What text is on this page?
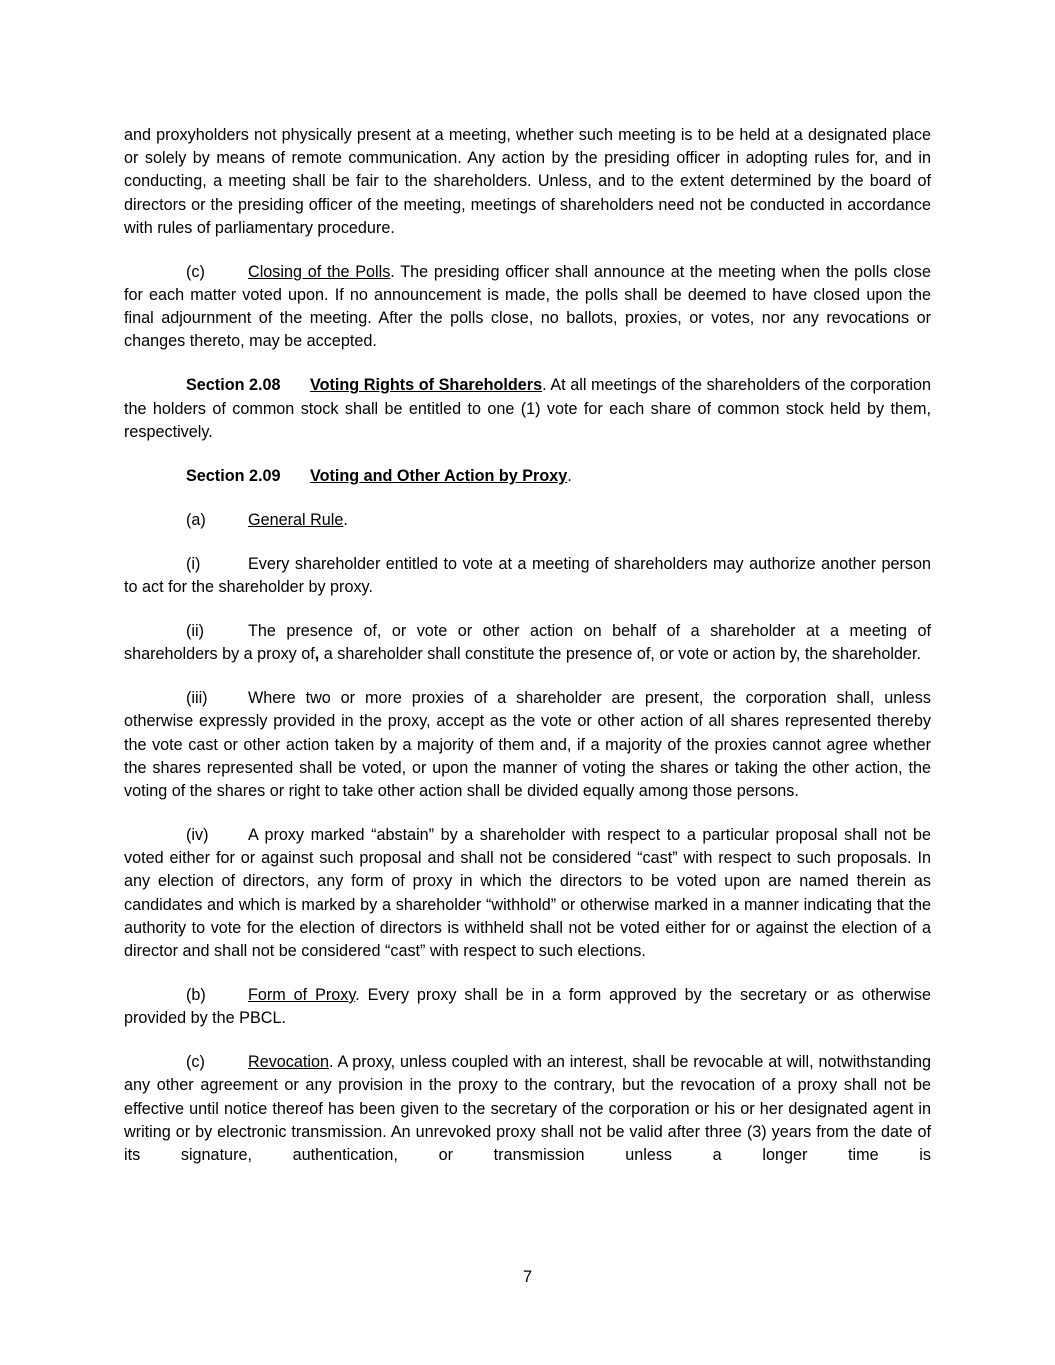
and proxyholders not physically present at a meeting, whether such meeting is to be held at a designated place or solely by means of remote communication. Any action by the presiding officer in adopting rules for, and in conducting, a meeting shall be fair to the shareholders. Unless, and to the extent determined by the board of directors or the presiding officer of the meeting, meetings of shareholders need not be conducted in accordance with rules of parliamentary procedure.

(c)	Closing of the Polls. The presiding officer shall announce at the meeting when the polls close for each matter voted upon. If no announcement is made, the polls shall be deemed to have closed upon the final adjournment of the meeting. After the polls close, no ballots, proxies, or votes, nor any revocations or changes thereto, may be accepted.

Section 2.08 Voting Rights of Shareholders. At all meetings of the shareholders of the corporation the holders of common stock shall be entitled to one (1) vote for each share of common stock held by them, respectively.

Section 2.09 Voting and Other Action by Proxy.

(a)	General Rule.

(i)	Every shareholder entitled to vote at a meeting of shareholders may authorize another person to act for the shareholder by proxy.

(ii)	The presence of, or vote or other action on behalf of a shareholder at a meeting of shareholders by a proxy of, a shareholder shall constitute the presence of, or vote or action by, the shareholder.

(iii) Where two or more proxies of a shareholder are present, the corporation shall, unless otherwise expressly provided in the proxy, accept as the vote or other action of all shares represented thereby the vote cast or other action taken by a majority of them and, if a majority of the proxies cannot agree whether the shares represented shall be voted, or upon the manner of voting the shares or taking the other action, the voting of the shares or right to take other action shall be divided equally among those persons.

(iv) A proxy marked “abstain” by a shareholder with respect to a particular proposal shall not be voted either for or against such proposal and shall not be considered “cast” with respect to such proposals. In any election of directors, any form of proxy in which the directors to be voted upon are named therein as candidates and which is marked by a shareholder “withhold” or otherwise marked in a manner indicating that the authority to vote for the election of directors is withheld shall not be voted either for or against the election of a director and shall not be considered “cast” with respect to such elections.

(b)	Form of Proxy. Every proxy shall be in a form approved by the secretary or as otherwise provided by the PBCL.

(c)	Revocation. A proxy, unless coupled with an interest, shall be revocable at will, notwithstanding any other agreement or any provision in the proxy to the contrary, but the revocation of a proxy shall not be effective until notice thereof has been given to the secretary of the corporation or his or her designated agent in writing or by electronic transmission. An unrevoked proxy shall not be valid after three (3) years from the date of its signature, authentication, or transmission unless a longer time is

7
